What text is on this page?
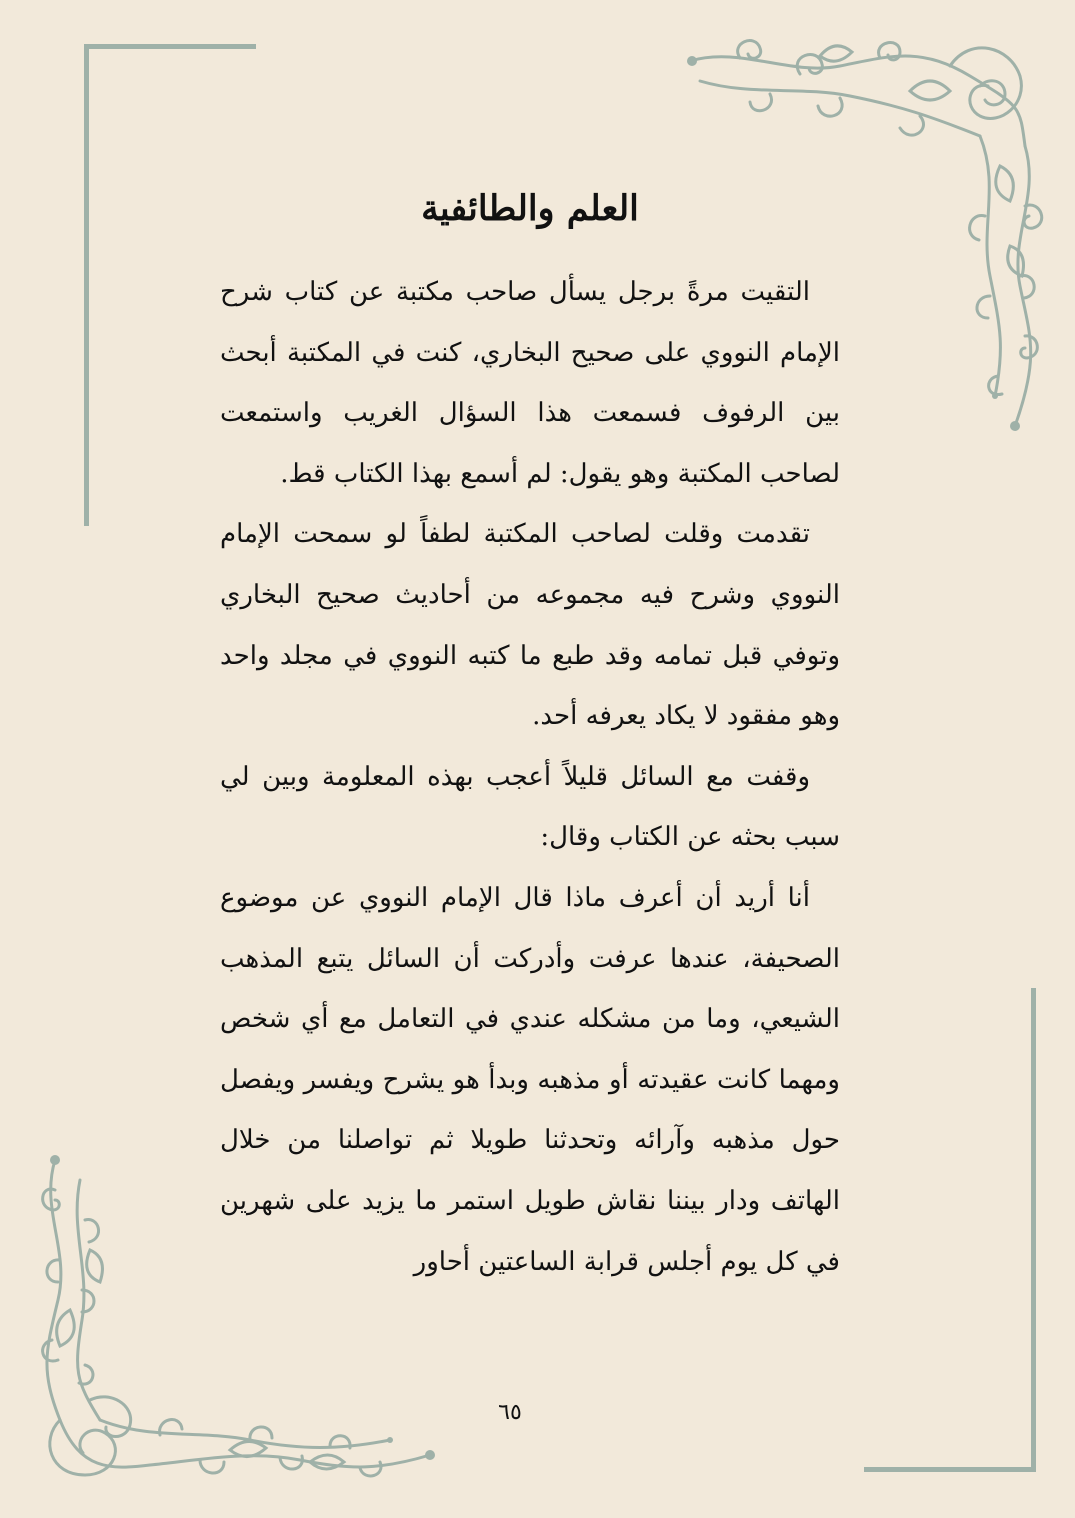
العلم والطائفية

التقيت مرةً برجل يسأل صاحب مكتبة عن كتاب شرح الإمام النووي على صحيح البخاري، كنت في المكتبة أبحث بين الرفوف فسمعت هذا السؤال الغريب واستمعت لصاحب المكتبة وهو يقول: لم أسمع بهذا الكتاب قط.

تقدمت وقلت لصاحب المكتبة لطفاً لو سمحت الإمام النووي وشرح فيه مجموعه من أحاديث صحيح البخاري وتوفي قبل تمامه وقد طبع ما كتبه النووي في مجلد واحد وهو مفقود لا يكاد يعرفه أحد.

وقفت مع السائل قليلاً أعجب بهذه المعلومة وبين لي سبب بحثه عن الكتاب وقال:

أنا أريد أن أعرف ماذا قال الإمام النووي عن موضوع الصحيفة، عندها عرفت وأدركت أن السائل يتبع المذهب الشيعي، وما من مشكله عندي في التعامل مع أي شخص ومهما كانت عقيدته أو مذهبه وبدأ هو يشرح ويفسر ويفصل حول مذهبه وآرائه وتحدثنا طويلا ثم تواصلنا من خلال الهاتف ودار بيننا نقاش طويل استمر ما يزيد على شهرين في كل يوم أجلس قرابة الساعتين أحاور

٦٥
